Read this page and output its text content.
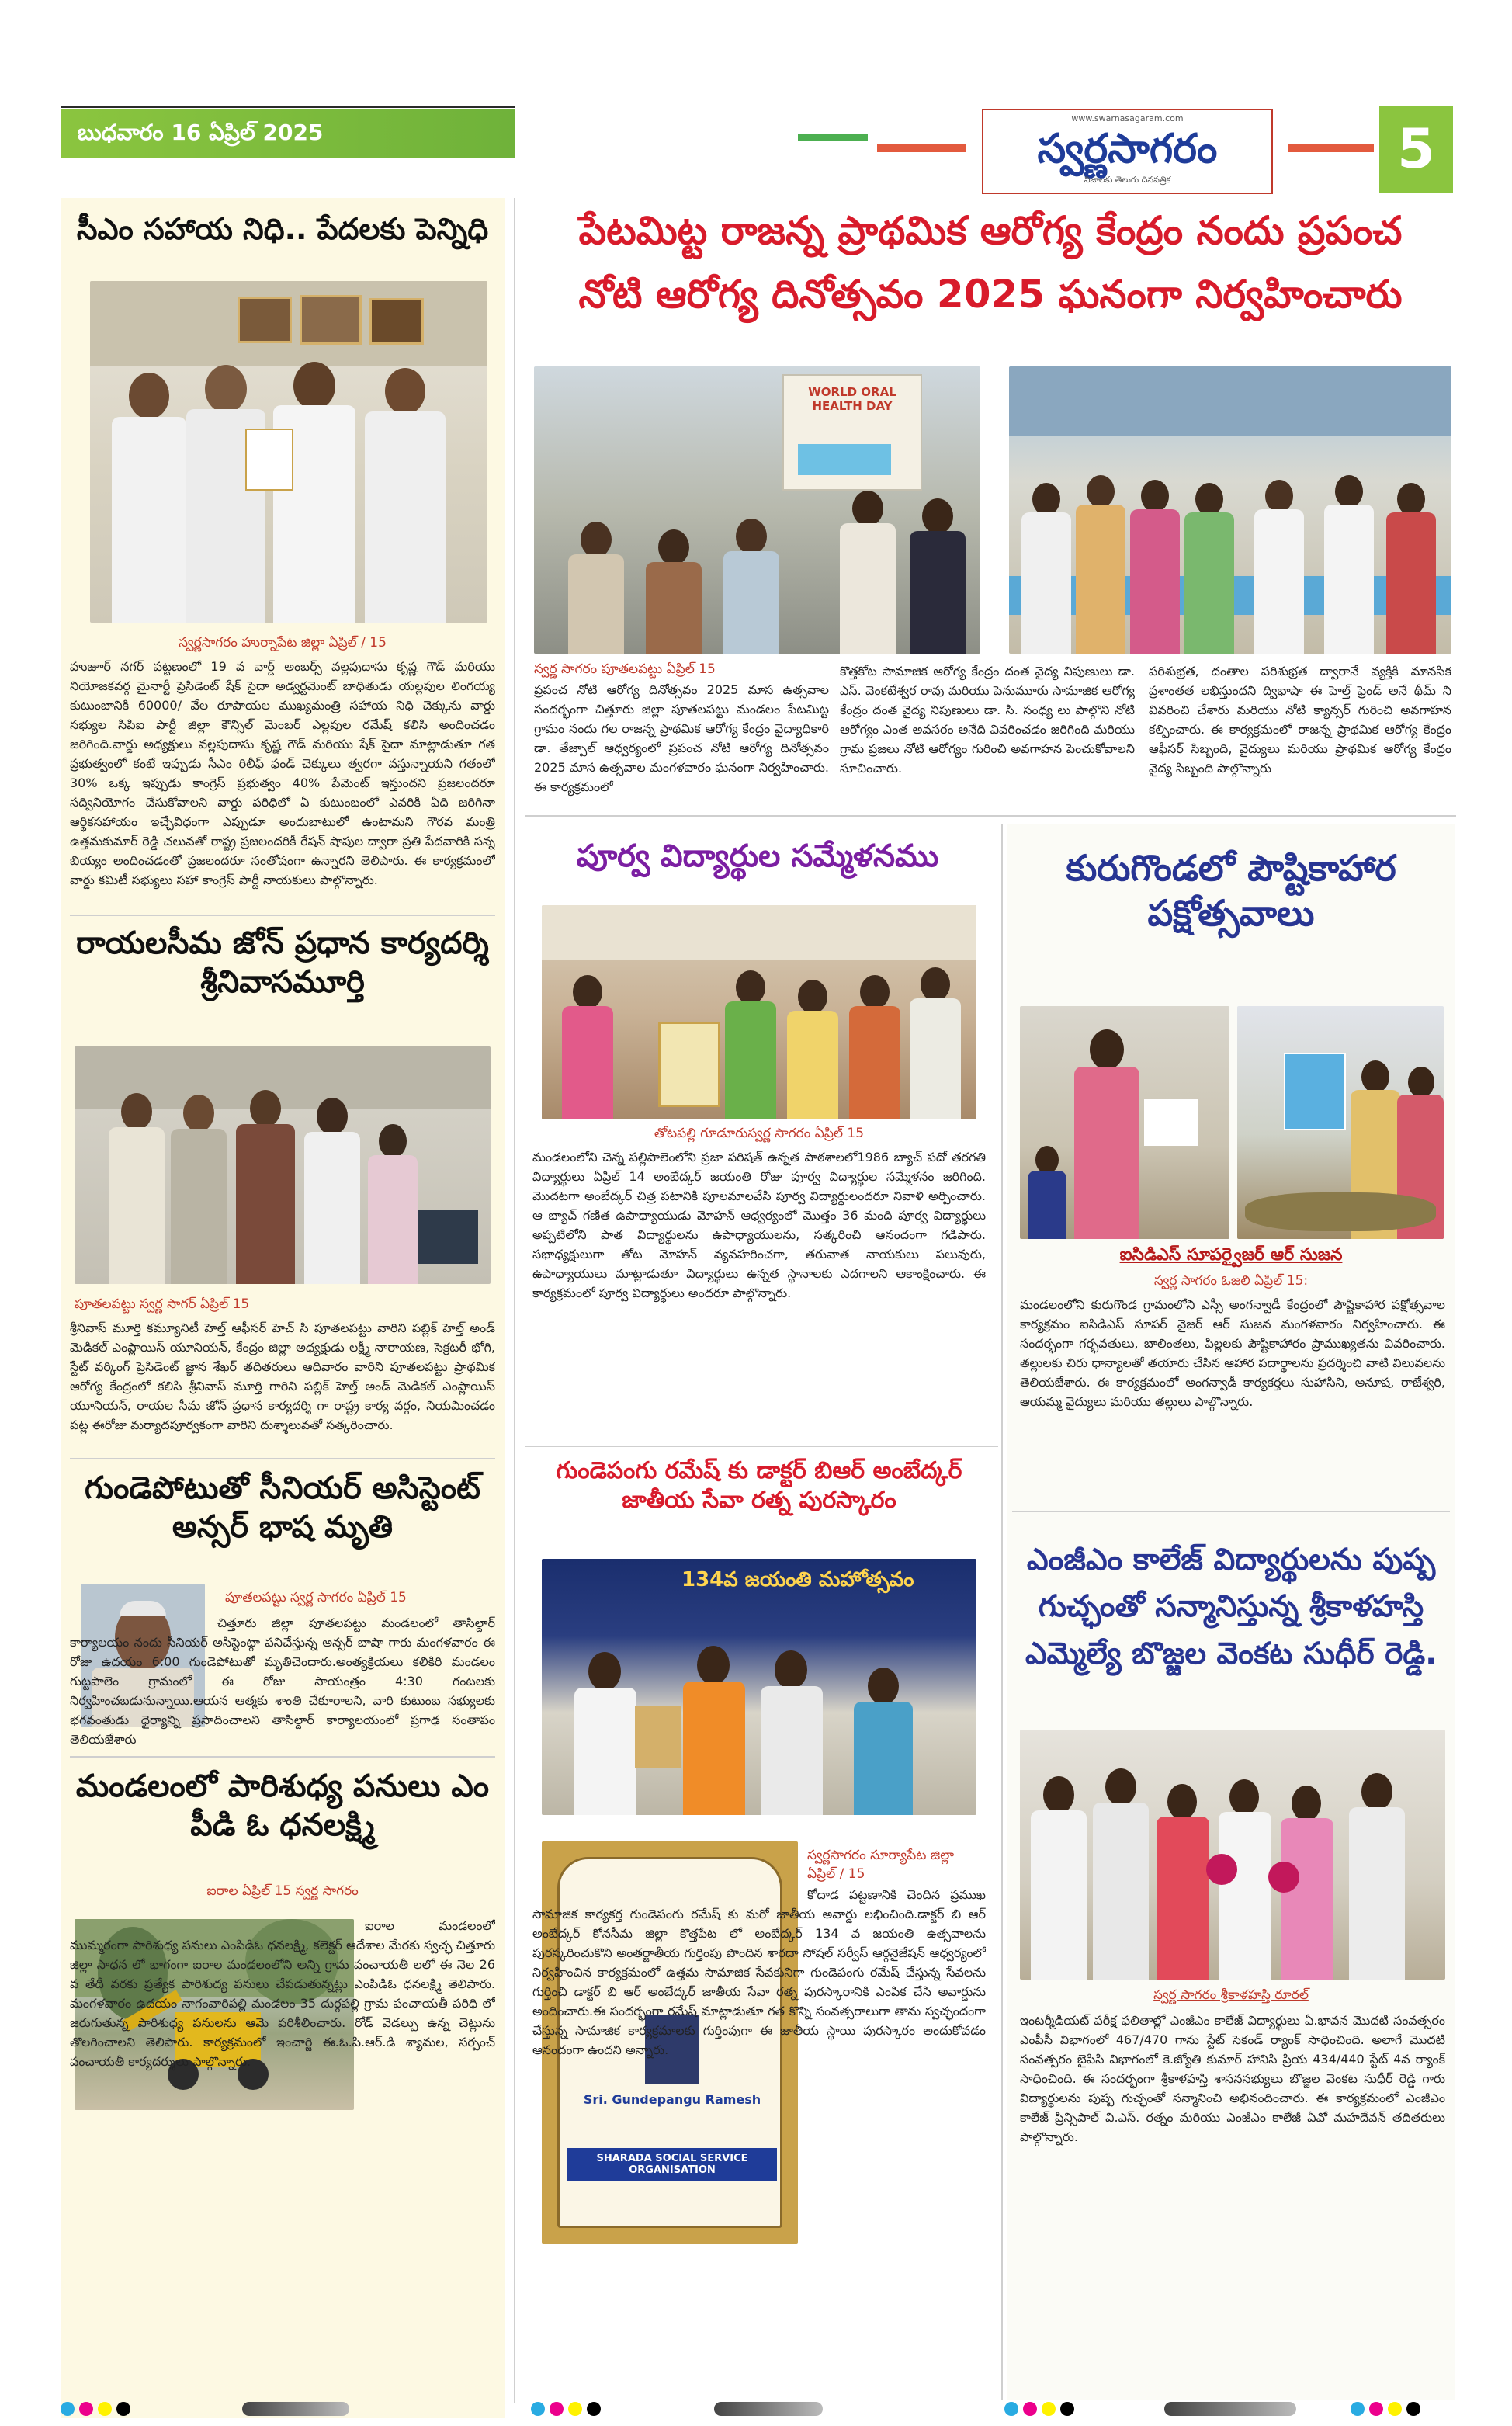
బుధవారం 16 ఏప్రిల్ 2025
www.swarnasagaram.com
స్వర్ణసాగరం
నిజాలకు తెలుగు దినపత్రిక	5
సీఎం సహాయ నిధి.. పేదలకు పెన్నిధి
స్వర్ణసాగరం హుర్నాపేట జిల్లా ఏప్రిల్ / 15
హుజూర్ నగర్ పట్టణంలో 19 వ వార్డ్ అంబర్స్ వల్లపుదాసు కృష్ణ గౌడ్ మరియు నియోజకవర్గ మైనార్టీ ప్రెసిడెంట్ షేక్ సైదా అడ్వర్టమెంట్ బాధితుడు యల్లపుల లింగయ్య కుటుంబానికి 60000/ వేల రూపాయల ముఖ్యమంత్రి సహాయ నిధి చెక్కును వార్డు సభ్యుల సిపిఐ పార్టీ జిల్లా కౌన్సిల్ మెంబర్ ఎల్లపుల రమేష్ కలిసి అందించడం జరిగింది.వార్డు అధ్యక్షులు వల్లపుదాసు కృష్ణ గౌడ్ మరియు షేక్ సైదా మాట్లాడుతూ గత ప్రభుత్వంలో కంటే ఇప్పుడు సీఎం రిలీఫ్ ఫండ్ చెక్కులు త్వరగా వస్తున్నాయని గతంలో 30% ఒక్క ఇప్పుడు కాంగ్రెస్ ప్రభుత్వం 40% పేమెంట్ ఇస్తుందని ప్రజలందరూ సద్వినియోగం చేసుకోవాలని వార్డు పరిధిలో ఏ కుటుంబంలో ఎవరికి ఏది జరిగినా ఆర్థికసహాయం ఇచ్చేవిధంగా ఎప్పుడూ అందుబాటులో ఉంటామని గౌరవ మంత్రి ఉత్తమకుమార్ రెడ్డి చలువతో రాష్ట్ర ప్రజలందరికీ రేషన్ షాపుల ద్వారా ప్రతి పేదవారికి సన్న బియ్యం అందించడంతో ప్రజలందరూ సంతోషంగా ఉన్నారని తెలిపారు. ఈ కార్యక్రమంలో వార్డు కమిటీ సభ్యులు సహా కాంగ్రెస్ పార్టీ నాయకులు పాల్గొన్నారు.
రాయలసీమ జోన్ ప్రధాన కార్యదర్శి శ్రీనివాసమూర్తి
పూతలపట్టు స్వర్ణ సాగర్ ఏప్రిల్ 15
శ్రీనివాస్ మూర్తి కమ్యూనిటీ హెల్త్ ఆఫీసర్ హెచ్ సి పూతలపట్టు వారిని పబ్లిక్ హెల్త్ అండ్ మెడికల్ ఎంప్లాయిస్ యూనియన్, కేంద్రం జిల్లా అధ్యక్షుడు లక్ష్మీ నారాయణ, సెక్రటరీ భోగి, స్టేట్ వర్కింగ్ ప్రెసిడెంట్ జ్ఞాన శేఖర్ తదితరులు ఆదివారం వారిని పూతలపట్టు ప్రాథమిక ఆరోగ్య కేంద్రంలో కలిసి శ్రీనివాస్ మూర్తి గారిని పబ్లిక్ హెల్త్ అండ్ మెడికల్ ఎంప్లాయిస్ యూనియన్, రాయల సీమ జోన్ ప్రధాన కార్యదర్శి గా రాష్ట్ర కార్య వర్గం, నియమించడం పట్ల ఈరోజు మర్యాదపూర్వకంగా వారిని దుశ్శాలువతో సత్కరించారు.
గుండెపోటుతో సీనియర్ అసిస్టెంట్ అన్సర్ భాష మృతి
పూతలపట్టు స్వర్ణ సాగరం ఏప్రిల్ 15
చిత్తూరు జిల్లా పూతలపట్టు మండలంలో తాసిల్దార్ కార్యాలయం నందు సీనియర్ అసిస్టెంట్గా పనిచేస్తున్న అన్సర్ బాషా గారు మంగళవారం ఈ రోజు ఉదయం 6:00 గుండెపోటుతో మృతిచెందారు.అంత్యక్రియలు కలికిరి మండలం గుట్టపాలెం గ్రామంలో ఈ రోజు సాయంత్రం 4:30 గంటలకు నిర్వహించబడునున్నాయి.ఆయన ఆత్మకు శాంతి చేకూరాలని, వారి కుటుంబ సభ్యులకు భగవంతుడు ధైర్యాన్ని ప్రసాదించాలని తాసిల్దార్ కార్యాలయంలో ప్రగాఢ సంతాపం తెలియజేశారు
మండలంలో పారిశుధ్య పనులు ఎం పీడి ఓ ధనలక్ష్మి
ఐరాల ఏప్రిల్ 15 స్వర్ణ సాగరం
ఐరాల మండలంలో ముమ్మరంగా పారిశుధ్య పనులు ఎంపిడిఓ ధనలక్ష్మి, కలెక్టర్ ఆదేశాల మేరకు స్వచ్ఛ చిత్తూరు జిల్లా సాధన లో భాగంగా ఐరాల మండలంలోని అన్ని గ్రామ పంచాయతీ లలో ఈ నెల 26 వ తేదీ వరకు ప్రత్యేక పారిశుద్య పనులు చేపడుతున్నట్లు ఎంపిడిఓ ధనలక్ష్మి తెలిపారు. మంగళవారం ఉదయం నాగంవారిపల్లి మండలం 35 దుర్గపల్లి గ్రామ పంచాయతీ పరిధి లో జరుగుతున్న పారిశుధ్య పనులను ఆమె పరిశీలించారు. రోడ్ వెడల్పు ఉన్న చెట్లును తొలగించాలని తెలిపారు. కార్యక్రమంలో ఇంచార్జి ఈ.ఓ.పి.ఆర్.డి శ్యామల, సర్పంచ్ పంచాయతీ కార్యదర్శులు పాల్గొన్నారు.
పేటమిట్ట రాజన్న ప్రాథమిక ఆరోగ్య కేంద్రం నందు ప్రపంచ
నోటి ఆరోగ్య దినోత్సవం 2025 ఘనంగా నిర్వహించారు
WORLD ORAL HEALTH DAY
స్వర్ణ సాగరం పూతలపట్టు ఏప్రిల్ 15
ప్రపంచ నోటి ఆరోగ్య దినోత్సవం 2025 మాస ఉత్సవాల సందర్భంగా చిత్తూరు జిల్లా పూతలపట్టు మండలం పేటమిట్ట గ్రామం నందు గల రాజన్న ప్రాథమిక ఆరోగ్య కేంద్రం వైద్యాధికారి డా. తేజ్పాల్ ఆధ్వర్యంలో ప్రపంచ నోటి ఆరోగ్య దినోత్సవం 2025 మాస ఉత్సవాల మంగళవారం ఘనంగా నిర్వహించారు. ఈ కార్యక్రమంలో
కొత్తకోట సామాజిక ఆరోగ్య కేంద్రం దంత వైద్య నిపుణులు డా. ఎస్. వెంకటేశ్వర రావు మరియు పెనుమూరు సామాజిక ఆరోగ్య కేంద్రం దంత వైద్య నిపుణులు డా. సి. సంధ్య లు పాల్గొని నోటి ఆరోగ్యం ఎంత అవసరం అనేది వివరించడం జరిగింది మరియు గ్రామ ప్రజలు నోటి ఆరోగ్యం గురించి అవగాహన పెంచుకోవాలని సూచించారు.
పరిశుభ్రత, దంతాల పరిశుభ్రత ద్వారానే వ్యక్తికి మానసిక ప్రశాంతత లభిస్తుందని ద్విభాషా ఈ హెల్త్ ఫ్రెండ్ అనే థీమ్ ని వివరించి చేశారు మరియు నోటి క్యాన్సర్ గురించి అవగాహన కల్పించారు. ఈ కార్యక్రమంలో రాజన్న ప్రాథమిక ఆరోగ్య కేంద్రం ఆఫీసర్ సిబ్బంది, వైద్యులు మరియు ప్రాథమిక ఆరోగ్య కేంద్రం వైద్య సిబ్బంది పాల్గొన్నారు
పూర్వ విద్యార్థుల సమ్మేళనము
తోటపల్లి గూడూరుస్వర్ణ సాగరం ఏప్రిల్ 15
మండలంలోని చెన్న పల్లిపాలెంలోని ప్రజా పరిషత్ ఉన్నత పాఠశాలలో1986 బ్యాచ్ పదో తరగతి విద్యార్థులు ఏప్రిల్ 14 అంబేద్కర్ జయంతి రోజు పూర్వ విద్యార్థుల సమ్మేళనం జరిగింది. మొదటగా అంబేద్కర్ చిత్ర పటానికి పూలమాలవేసి పూర్వ విద్యార్థులందరూ నివాళి అర్పించారు. ఆ బ్యాచ్ గణిత ఉపాధ్యాయుడు మోహన్ ఆధ్వర్యంలో మొత్తం 36 మంది పూర్వ విద్యార్థులు అప్పటిలోని పాత విద్యార్థులను ఉపాధ్యాయులను, సత్కరించి ఆనందంగా గడిపారు. సభాధ్యక్షులుగా తోట మోహన్ వ్యవహరించగా, తరువాత నాయకులు పలువురు, ఉపాధ్యాయులు మాట్లాడుతూ విద్యార్థులు ఉన్నత స్థానాలకు ఎదగాలని ఆకాంక్షించారు. ఈ కార్యక్రమంలో పూర్వ విద్యార్థులు అందరూ పాల్గొన్నారు.
గుండెపంగు రమేష్ కు డాక్టర్ బిఆర్ అంబేద్కర్ జాతీయ సేవా రత్న పురస్కారం
134వ జయంతి మహోత్సవం
Sri. Gundepangu Ramesh
SHARADA SOCIAL SERVICE ORGANISATION
స్వర్ణసాగరం సూర్యాపేట జిల్లా ఏప్రిల్ / 15
కోదాడ పట్టణానికి చెందిన ప్రముఖ సామాజిక కార్యకర్త గుండెపంగు రమేష్ కు మరో జాతీయ అవార్డు లభించింది.డాక్టర్ బి ఆర్ అంబేద్కర్ కోనసీమ జిల్లా కొత్తపేట లో అంబేద్కర్ 134 వ జయంతి ఉత్సవాలను పురస్కరించుకొని అంతర్జాతీయ గుర్తింపు పొందిన శారదా సోషల్ సర్వీస్ ఆర్గనైజేషన్ ఆధ్వర్యంలో నిర్వహించిన కార్యక్రమంలో ఉత్తమ సామాజిక సేవకునిగా గుండెపంగు రమేష్ చేస్తున్న సేవలను గుర్తించి డాక్టర్ బి ఆర్ అంబేద్కర్ జాతీయ సేవా రత్న పురస్కారానికి ఎంపిక చేసి అవార్డును అందించారు.ఈ సందర్భంగా రమేష్ మాట్లాడుతూ గత కొన్ని సంవత్సరాలుగా తాను స్వచ్ఛందంగా చేస్తున్న సామాజిక కార్యక్రమాలకు గుర్తింపుగా ఈ జాతీయ స్థాయి పురస్కారం అందుకోవడం ఆనందంగా ఉందని అన్నారు.
కురుగొండలో పౌష్టికాహార పక్షోత్సవాలు
ఐసిడిఎస్ సూపర్వైజర్ ఆర్ సుజన
స్వర్ణ సాగరం ఓజలి ఏప్రిల్ 15:
మండలంలోని కురుగొండ గ్రామంలోని ఎస్సీ అంగన్వాడీ కేంద్రంలో పౌష్టికాహార పక్షోత్సవాల కార్యక్రమం ఐసిడిఎస్ సూపర్ వైజర్ ఆర్ సుజన మంగళవారం నిర్వహించారు. ఈ సందర్భంగా గర్భవతులు, బాలింతలు, పిల్లలకు పౌష్టికాహారం ప్రాముఖ్యతను వివరించారు. తల్లులకు చిరు ధాన్యాలతో తయారు చేసిన ఆహార పదార్థాలను ప్రదర్శించి వాటి విలువలను తెలియజేశారు. ఈ కార్యక్రమంలో అంగన్వాడీ కార్యకర్తలు సుహాసిని, అనూష, రాజేశ్వరి, ఆయమ్మ వైద్యులు మరియు తల్లులు పాల్గొన్నారు.
ఎంజీఎం కాలేజ్ విద్యార్థులను పుష్ప గుచ్ఛంతో సన్మానిస్తున్న శ్రీకాళహస్తి ఎమ్మెల్యే బొజ్జల వెంకట సుధీర్ రెడ్డి.
స్వర్ణ సాగరం శ్రీకాళహస్తి రూరల్
ఇంటర్మీడియట్ పరీక్ష ఫలితాల్లో ఎంజీఎం కాలేజ్ విద్యార్థులు ఏ.భావన మొదటి సంవత్సరం ఎంపీసీ విభాగంలో 467/470 గాను స్టేట్ సెకండ్ ర్యాంక్ సాధించింది. అలాగే మొదటి సంవత్సరం బైపిసి విభాగంలో కె.జ్యోతి కుమార్ హానిసి ప్రియ 434/440 స్టేట్ 4వ ర్యాంక్ సాధించింది. ఈ సందర్భంగా శ్రీకాళహస్తి శాసనసభ్యులు బొజ్జల వెంకట సుధీర్ రెడ్డి గారు విద్యార్థులను పుష్ప గుచ్ఛంతో సన్మానించి అభినందించారు. ఈ కార్యక్రమంలో ఎంజీఎం కాలేజ్ ప్రిన్సిపాల్ వి.ఎస్. రత్నం మరియు ఎంజీఎం కాలేజీ ఏవో మహదేవన్ తదితరులు పాల్గొన్నారు.
